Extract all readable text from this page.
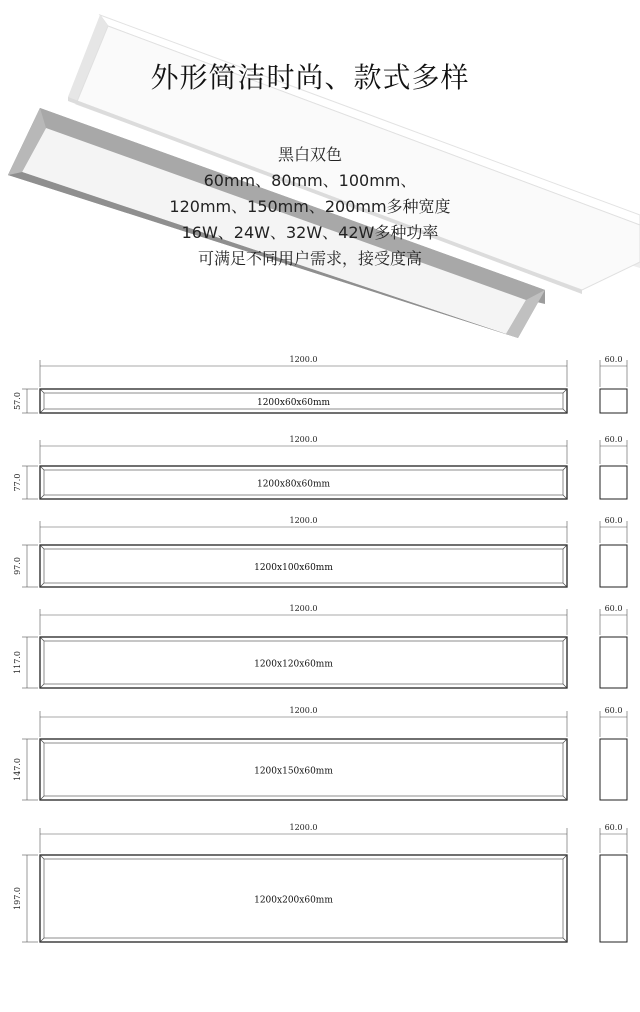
外形简洁时尚、款式多样
黑白双色
60mm、80mm、100mm、
120mm、150mm、200mm多种宽度
16W、24W、32W、42W多种功率
可满足不同用户需求，接受度高
1200.0
57.0	1200x60x60mm
60.0
1200.0
77.0	1200x80x60mm
60.0
1200.0
97.0	1200x100x60mm
60.0
1200.0
117.0	1200x120x60mm
60.0
1200.0
147.0	1200x150x60mm
60.0
1200.0
197.0	1200x200x60mm
60.0
